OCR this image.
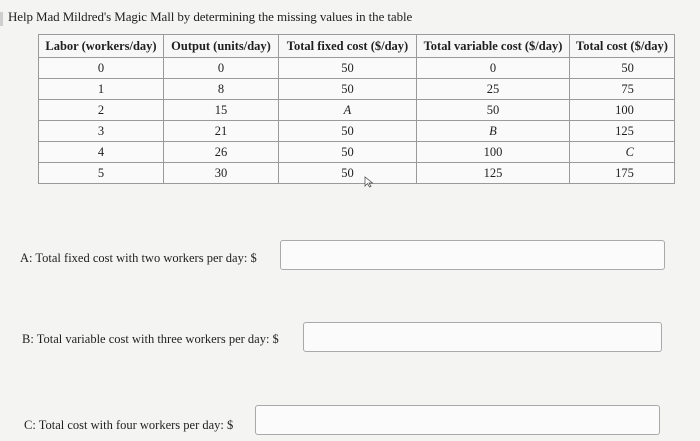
Help Mad Mildred's Magic Mall by determining the missing values in the table
Labor (workers/day)	Output (units/day)	Total fixed cost ($/day)	Total variable cost ($/day)	Total cost ($/day)
0	0	50	0	50
1	8	50	25	75
2	15	A	50	100
3	21	50	B	125
4	26	50	100	C
5	30	50	125	175
A: Total fixed cost with two workers per day: $
B: Total variable cost with three workers per day: $
C: Total cost with four workers per day: $
